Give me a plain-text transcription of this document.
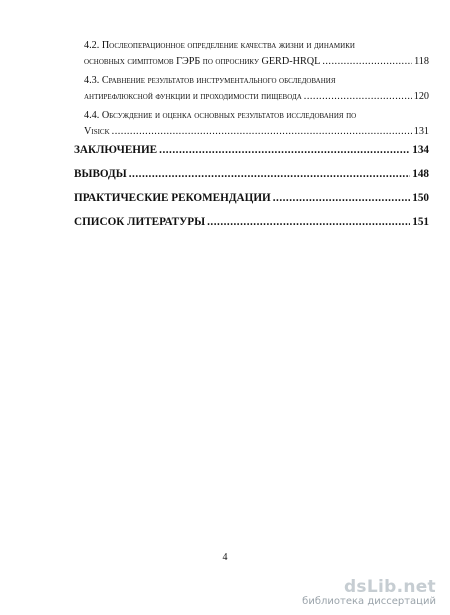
4.2.
Послеоперационное определение качества жизни и динамики
основных симптомов ГЭРБ по опроснику GERD-HRQL .....	118
4.3.
Сравнение результатов инструментального обследования
антирефлюксной функции и проходимости пищевода .....	120
4.4.
Обсуждение и оценка основных результатов исследования по
Visick .....	131
ЗАКЛЮЧЕНИЕ .....	134
ВЫВОДЫ .....	148
ПРАКТИЧЕСКИЕ РЕКОМЕНДАЦИИ .....	150
СПИСОК ЛИТЕРАТУРЫ .....	151
4
dsLib.net
библиотека диссертаций
